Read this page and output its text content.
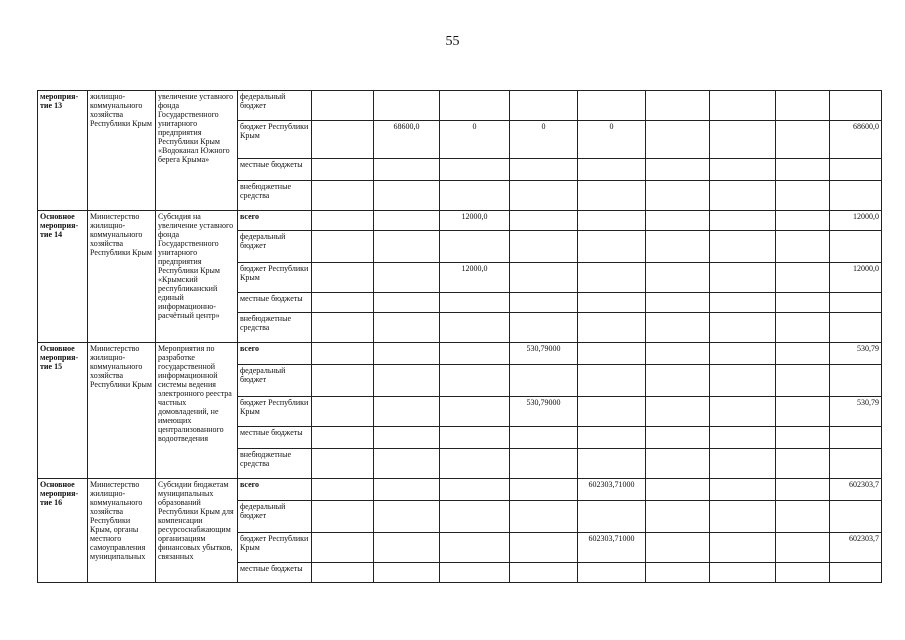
55
мероприя-тие 13	жилищно-коммунального хозяйства Республики Крым	увеличение уставного фонда Государственного унитарного предприятия Республики Крым «Водоканал Южного берега Крыма»	федеральный бюджет									
			бюджет Республики Крым		68600,0	0	0	0				68600,0
			местные бюджеты									
			внебюджетные средства									
Основное мероприя-тие 14	Министерство жилищно-коммунального хозяйства Республики Крым	Субсидия на увеличение уставного фонда Государственного унитарного предприятия Республики Крым «Крымский республиканский единый информационно-расчётный центр»	всего			12000,0						12000,0
			федеральный бюджет									
			бюджет Республики Крым			12000,0						12000,0
			местные бюджеты									
			внебюджетные средства									
Основное мероприя-тие 15	Министерство жилищно-коммунального хозяйства Республики Крым	Мероприятия по разработке государственной информационной системы ведения электронного реестра частных домовладений, не имеющих централизованного водоотведения	всего				530,79000					530,79
			федеральный бюджет									
			бюджет Республики Крым				530,79000					530,79
			местные бюджеты									
			внебюджетные средства									
Основное мероприя-тие 16	Министерство жилищно-коммунального хозяйства Республики Крым, органы местного самоуправления муниципальных	Субсидии бюджетам муниципальных образований Республики Крым для компенсации ресурсоснабжающим организациям финансовых убытков, связанных	всего					602303,71000				602303,7
			федеральный бюджет									
			бюджет Республики Крым					602303,71000				602303,7
			местные бюджеты									
